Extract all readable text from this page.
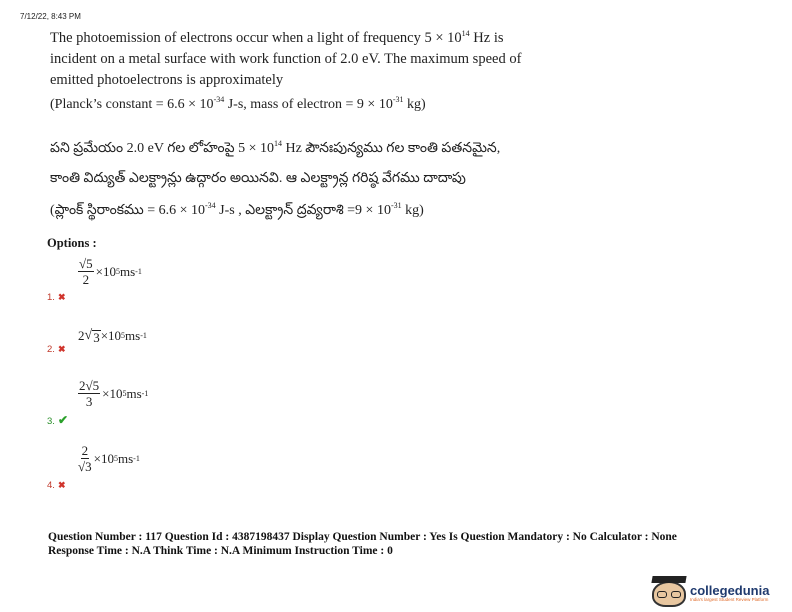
7/12/22, 8:43 PM

The photoemission of electrons occur when a light of frequency $5 \times 10^{14}$ Hz is

incident on a metal surface with work function of 2.0 eV. The maximum speed of

emitted photoelectrons is approximately

(Planck’s constant = $6.6 \times 10^{-34}$ J-s, mass of electron = $9 \times 10^{-31}$ kg)
పని ప్రమేయం 2.0 eV గల లోహంపై $5 \times 10^{14}$ Hz పౌనఃపున్యము గల కాంతి పతనమైన,
కాంతి విద్యుత్ ఎలక్ట్రాన్లు ఉద్గారం అయినవి. ఆ ఎలక్ట్రాన్ల గరిష్ఠ వేగము దాదాపు
(ప్లాంక్ స్థిరాంకము = $6.6 \times 10^{-34}$ J-s , ఎలక్ట్రాన్ ద్రవ్యరాశి $=9 \times 10^{-31}$ kg)
Options :
$\frac{√5}{2} \times 10$ 5 ms -1
1. ✖
2 √ 3 ×10 5 ms -1
2. ✖
$\frac{2√5}{3} \times 10$ 5 ms -1
3. ✔
$\frac{2}{√3} \times 10$ 5 ms -1
4. ✖
Question Number : 117 Question Id : 4387198437 Display Question Number : Yes Is Question Mandatory : No Calculator : None
Response Time : N.A Think Time : N.A Minimum Instruction Time : 0
collegedunia
India's largest Student Review Platform
